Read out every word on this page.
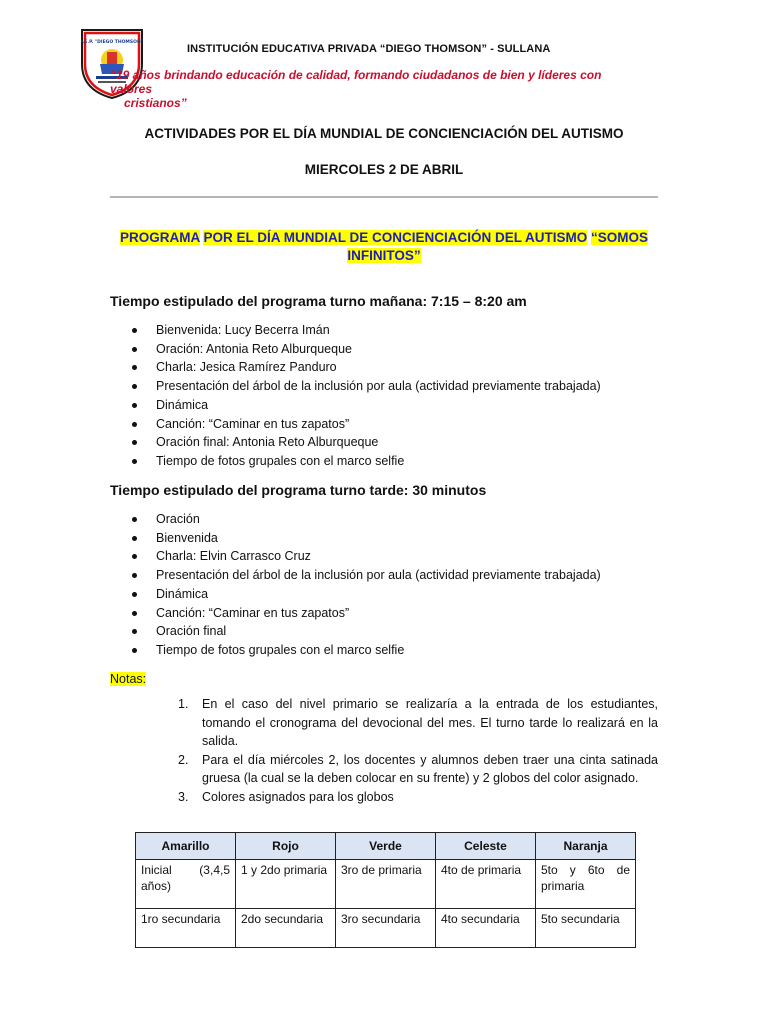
I.E.P. "DIEGO THOMSON"
INSTITUCIÓN EDUCATIVA PRIVADA “DIEGO THOMSON” - SULLANA
“19 años brindando educación de calidad, formando ciudadanos de bien y líderes con valores
cristianos”
ACTIVIDADES POR EL DÍA MUNDIAL DE CONCIENCIACIÓN DEL AUTISMO
MIERCOLES 2 DE ABRIL
PROGRAMA POR EL DÍA MUNDIAL DE CONCIENCIACIÓN DEL AUTISMO “SOMOS
INFINITOS”
Tiempo estipulado del programa turno mañana: 7:15 – 8:20 am
Bienvenida: Lucy Becerra Imán
Oración: Antonia Reto Alburqueque
Charla: Jesica Ramírez Panduro
Presentación del árbol de la inclusión por aula (actividad previamente trabajada)
Dinámica
Canción: “Caminar en tus zapatos”
Oración final: Antonia Reto Alburqueque
Tiempo de fotos grupales con el marco selfie
Tiempo estipulado del programa turno tarde: 30 minutos
Oración
Bienvenida
Charla: Elvin Carrasco Cruz
Presentación del árbol de la inclusión por aula (actividad previamente trabajada)
Dinámica
Canción: “Caminar en tus zapatos”
Oración final
Tiempo de fotos grupales con el marco selfie
Notas:
1. En el caso del nivel primario se realizaría a la entrada de los estudiantes, tomando el cronograma del devocional del mes. El turno tarde lo realizará en la salida.
2. Para el día miércoles 2, los docentes y alumnos deben traer una cinta satinada gruesa (la cual se la deben colocar en su frente) y 2 globos del color asignado.
3. Colores asignados para los globos
Amarillo	Rojo	Verde	Celeste	Naranja
Inicial (3,4,5 años)	1 y 2do primaria	3ro de primaria	4to de primaria	5to y 6to de primaria
1ro secundaria	2do secundaria	3ro secundaria	4to secundaria	5to secundaria
